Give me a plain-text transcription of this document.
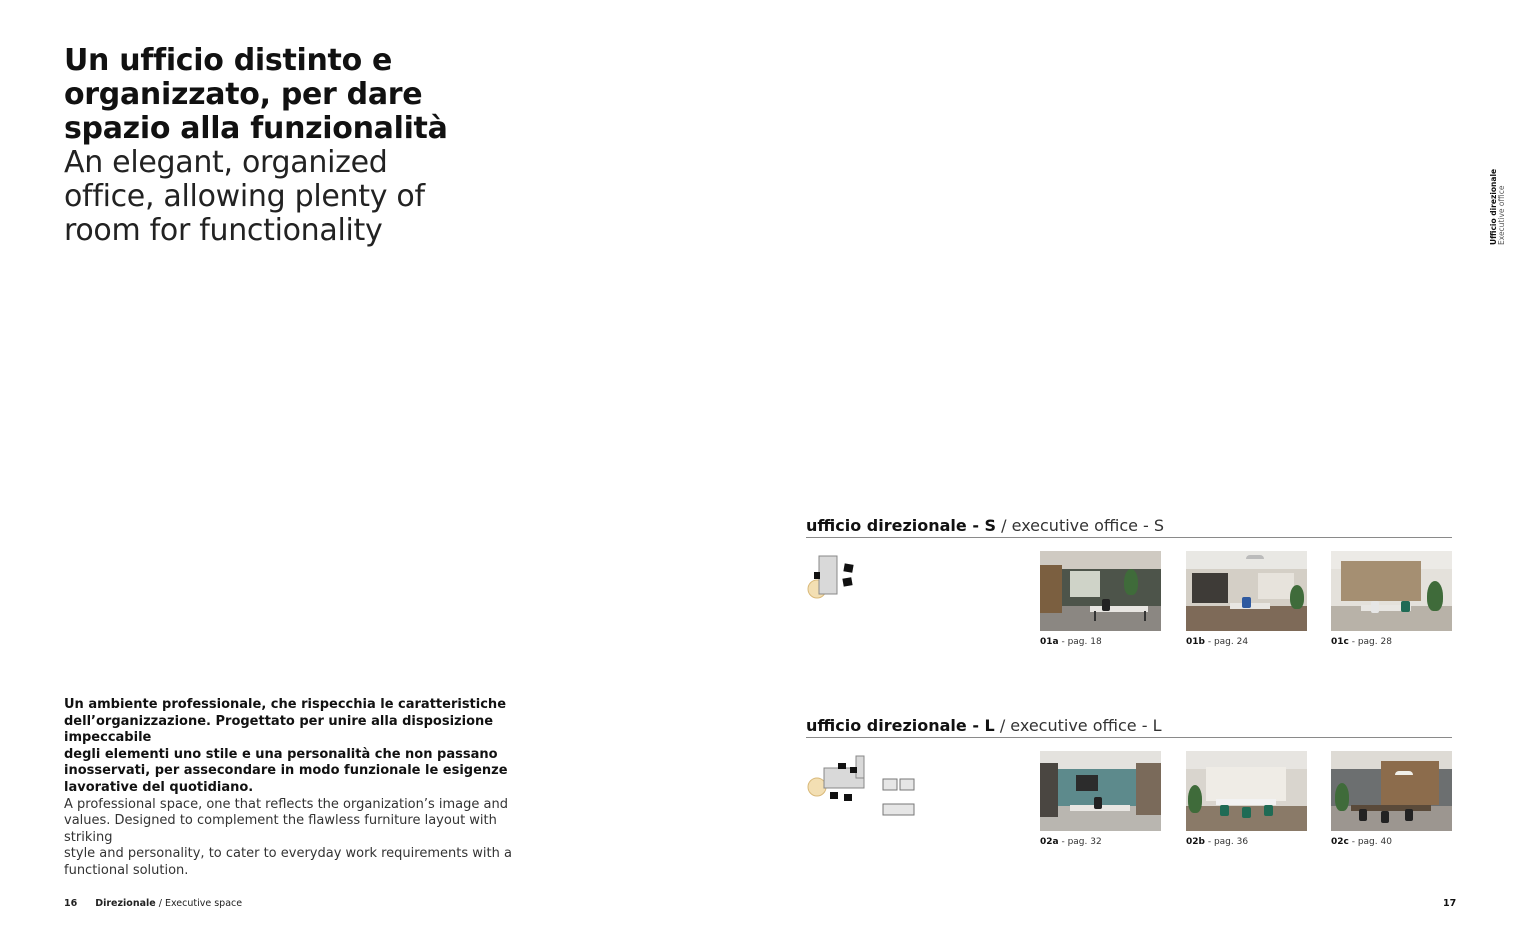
Un ufficio distinto e
organizzato, per dare
spazio alla funzionalità
An elegant, organized
office, allowing plenty of
room for functionality
Un ambiente professionale, che rispecchia le caratteristiche
dell’organizzazione. Progettato per unire alla disposizione impeccabile
degli elementi uno stile e una personalità che non passano
inosservati, per assecondare in modo funzionale le esigenze
lavorative del quotidiano.
A professional space, one that reflects the organization’s image and
values. Designed to complement the flawless furniture layout with striking
style and personality, to cater to everyday work requirements with a
functional solution.
Ufficio direzionale Executive office
ufficio direzionale - S / executive office - S
01a - pag. 18	01b - pag. 24	01c - pag. 28
ufficio direzionale - L / executive office - L
02a - pag. 32	02b - pag. 36	02c - pag. 40
16 Direzionale / Executive space	17
